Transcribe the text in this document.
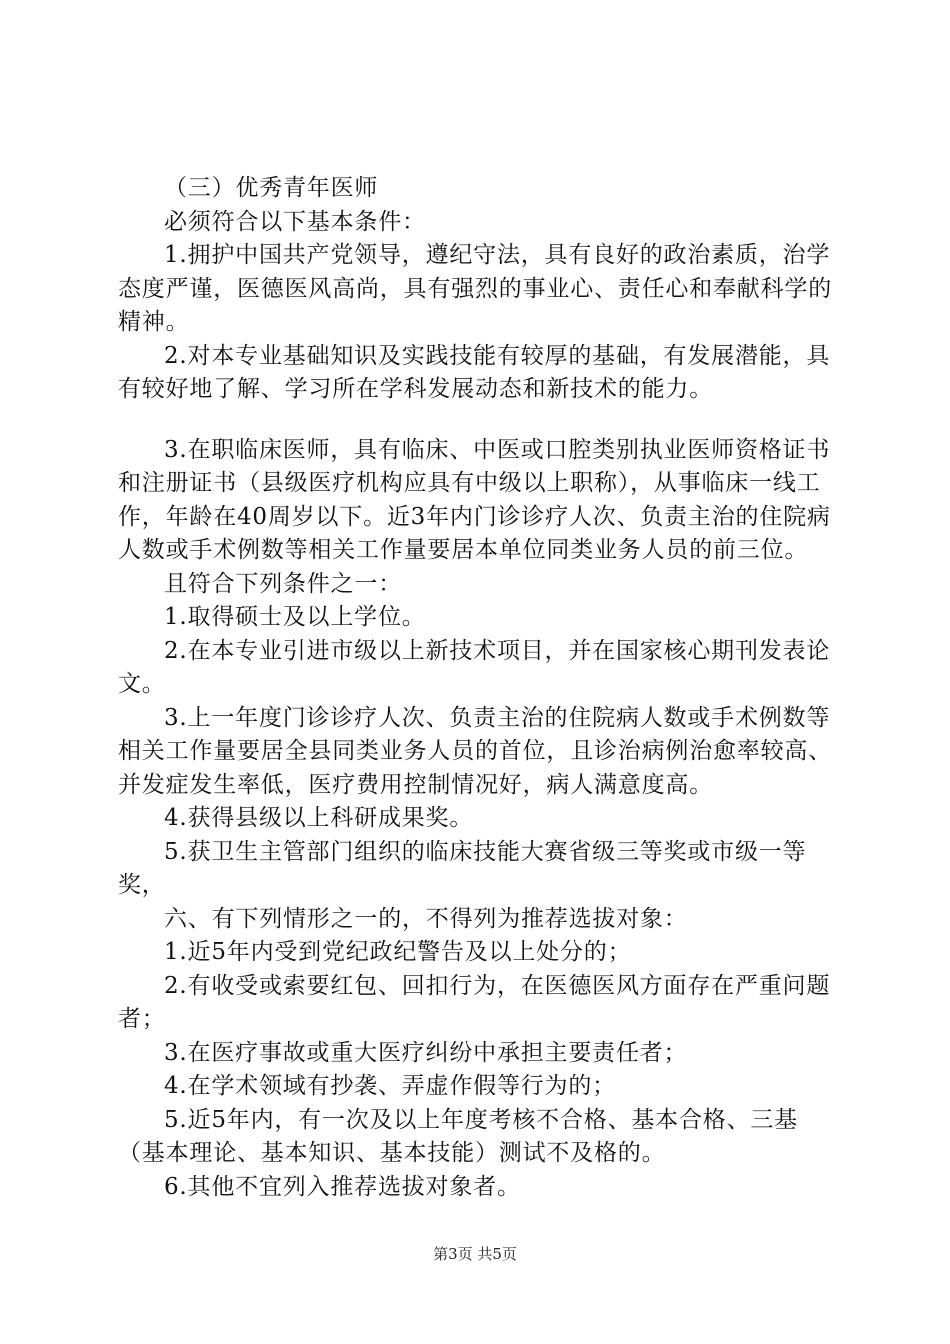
（三）优秀青年医师

必须符合以下基本条件：

1.拥护中国共产党领导，遵纪守法，具有良好的政治素质，治学态度严谨，医德医风高尚，具有强烈的事业心、责任心和奉献科学的精神。

2.对本专业基础知识及实践技能有较厚的基础，有发展潜能，具有较好地了解、学习所在学科发展动态和新技术的能力。

3.在职临床医师，具有临床、中医或口腔类别执业医师资格证书和注册证书（县级医疗机构应具有中级以上职称），从事临床一线工作，年龄在40周岁以下。近3年内门诊诊疗人次、负责主治的住院病人数或手术例数等相关工作量要居本单位同类业务人员的前三位。

且符合下列条件之一：

1.取得硕士及以上学位。

2.在本专业引进市级以上新技术项目，并在国家核心期刊发表论文。

3.上一年度门诊诊疗人次、负责主治的住院病人数或手术例数等相关工作量要居全县同类业务人员的首位，且诊治病例治愈率较高、并发症发生率低，医疗费用控制情况好，病人满意度高。

4.获得县级以上科研成果奖。

5.获卫生主管部门组织的临床技能大赛省级三等奖或市级一等奖，

六、有下列情形之一的，不得列为推荐选拔对象：

1.近5年内受到党纪政纪警告及以上处分的；

2.有收受或索要红包、回扣行为，在医德医风方面存在严重问题者；

3.在医疗事故或重大医疗纠纷中承担主要责任者；

4.在学术领域有抄袭、弄虚作假等行为的；

5.近5年内，有一次及以上年度考核不合格、基本合格、三基（基本理论、基本知识、基本技能）测试不及格的。

6.其他不宜列入推荐选拔对象者。

第3页 共5页
